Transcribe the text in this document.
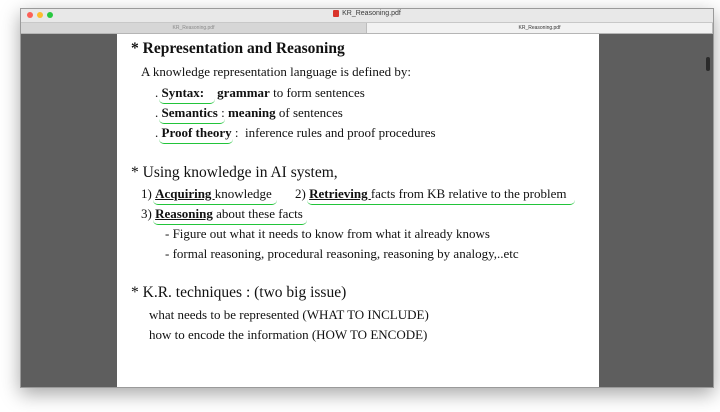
KR_Reasoning.pdf
KR_Reasoning.pdf	KR_Reasoning.pdf
* Representation and Reasoning
A knowledge representation language is defined by:
. Syntax: grammar to form sentences
. Semantics : meaning of sentences
. Proof theory :  inference rules and proof procedures
* Using knowledge in AI system,
1) Acquiring knowledge 2) Retrieving facts from KB relative to the problem
3) Reasoning about these facts
- Figure out what it needs to know from what it already knows
- formal reasoning, procedural reasoning, reasoning by analogy,..etc
* K.R. techniques : (two big issue)
what needs to be represented (WHAT TO INCLUDE)
how to encode the information (HOW TO ENCODE)
